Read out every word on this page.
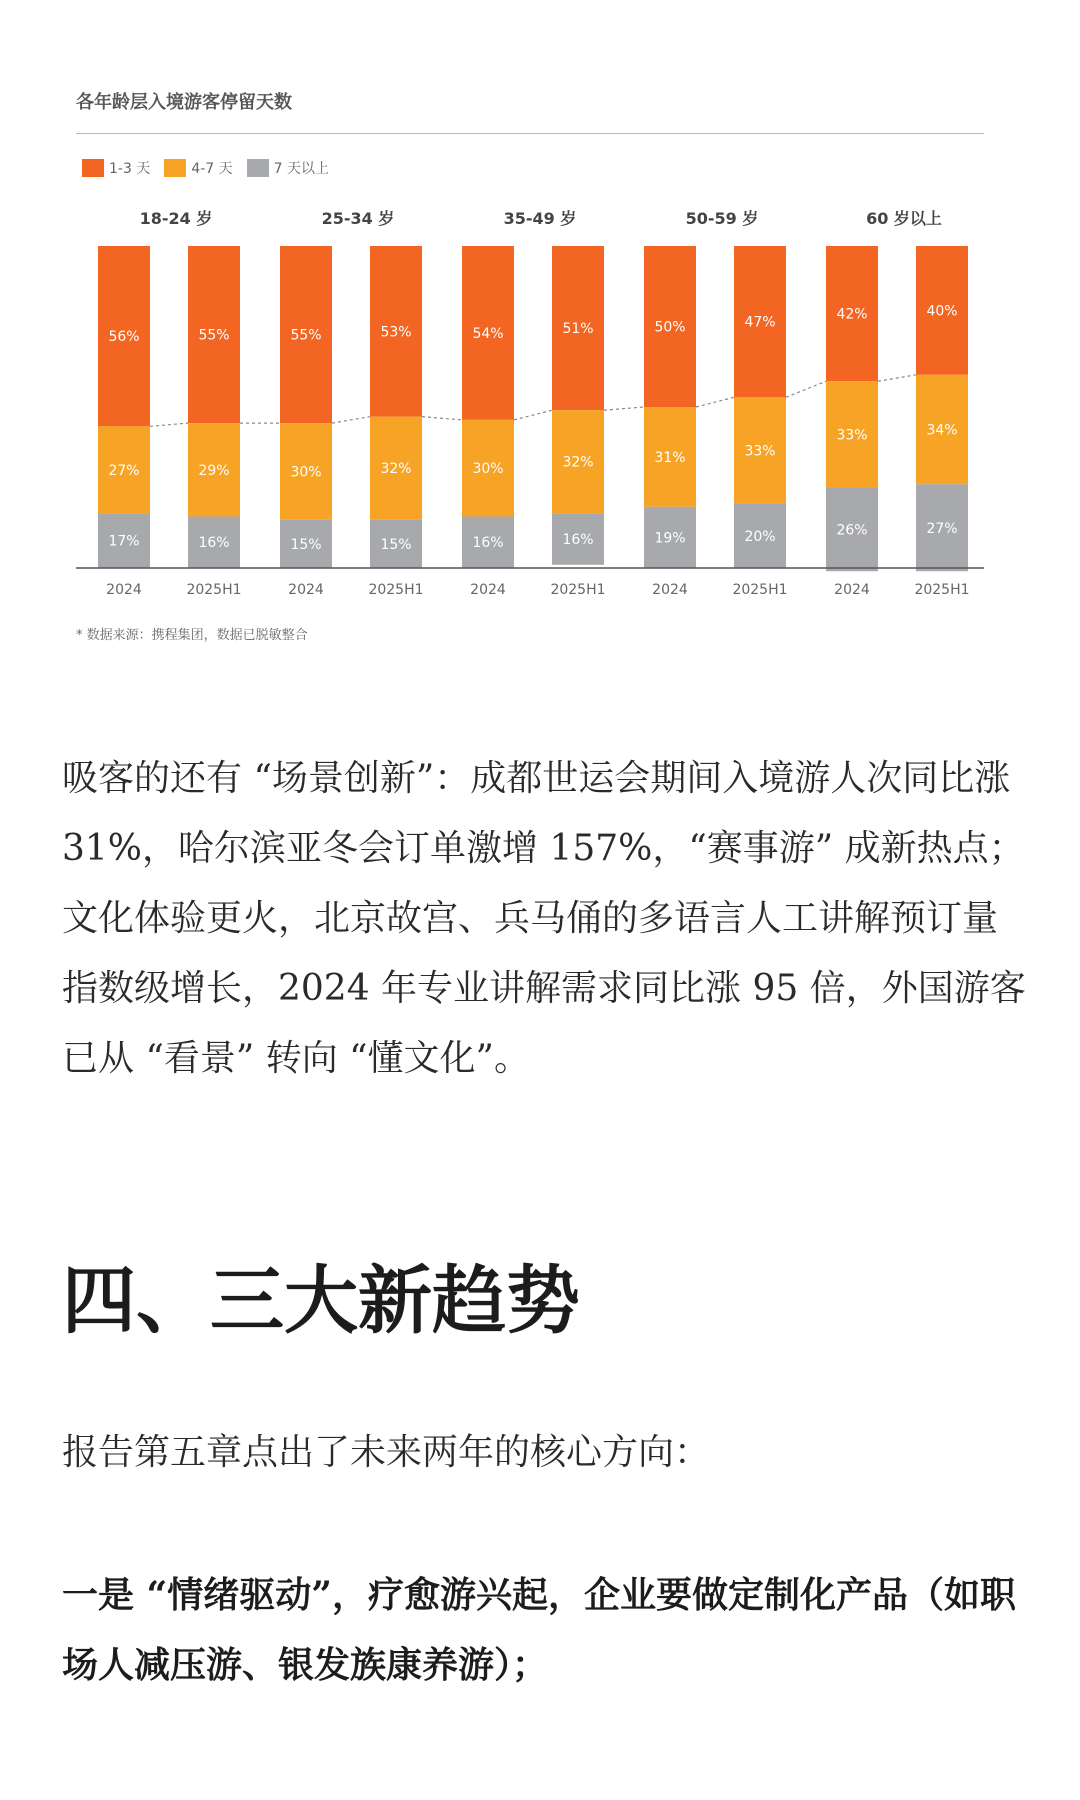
各年龄层入境游客停留天数
1-3 天	4-7 天	7 天以上
18-24 岁	25-34 岁	35-49 岁	50-59 岁	60 岁以上
56%
27%
17%
2024
55%
29%
16%
2025H1
55%
30%
15%
2024
53%
32%
15%
2025H1
54%
30%
16%
2024
51%
32%
16%
2025H1
50%
31%
19%
2024
47%
33%
20%
2025H1
42%
33%
26%
2024
40%
34%
27%
2025H1
* 数据来源：携程集团，数据已脱敏整合

吸客的还有 “场景创新”：成都世运会期间入境游人次同比涨 31%，哈尔滨亚冬会订单激增 157%，“赛事游” 成新热点；文化体验更火，北京故宫、兵马俑的多语言人工讲解预订量指数级增长，2024 年专业讲解需求同比涨 95 倍，外国游客已从 “看景” 转向 “懂文化”。

四、三大新趋势

报告第五章点出了未来两年的核心方向：

一是 “情绪驱动”，疗愈游兴起，企业要做定制化产品（如职场人减压游、银发族康养游）；
